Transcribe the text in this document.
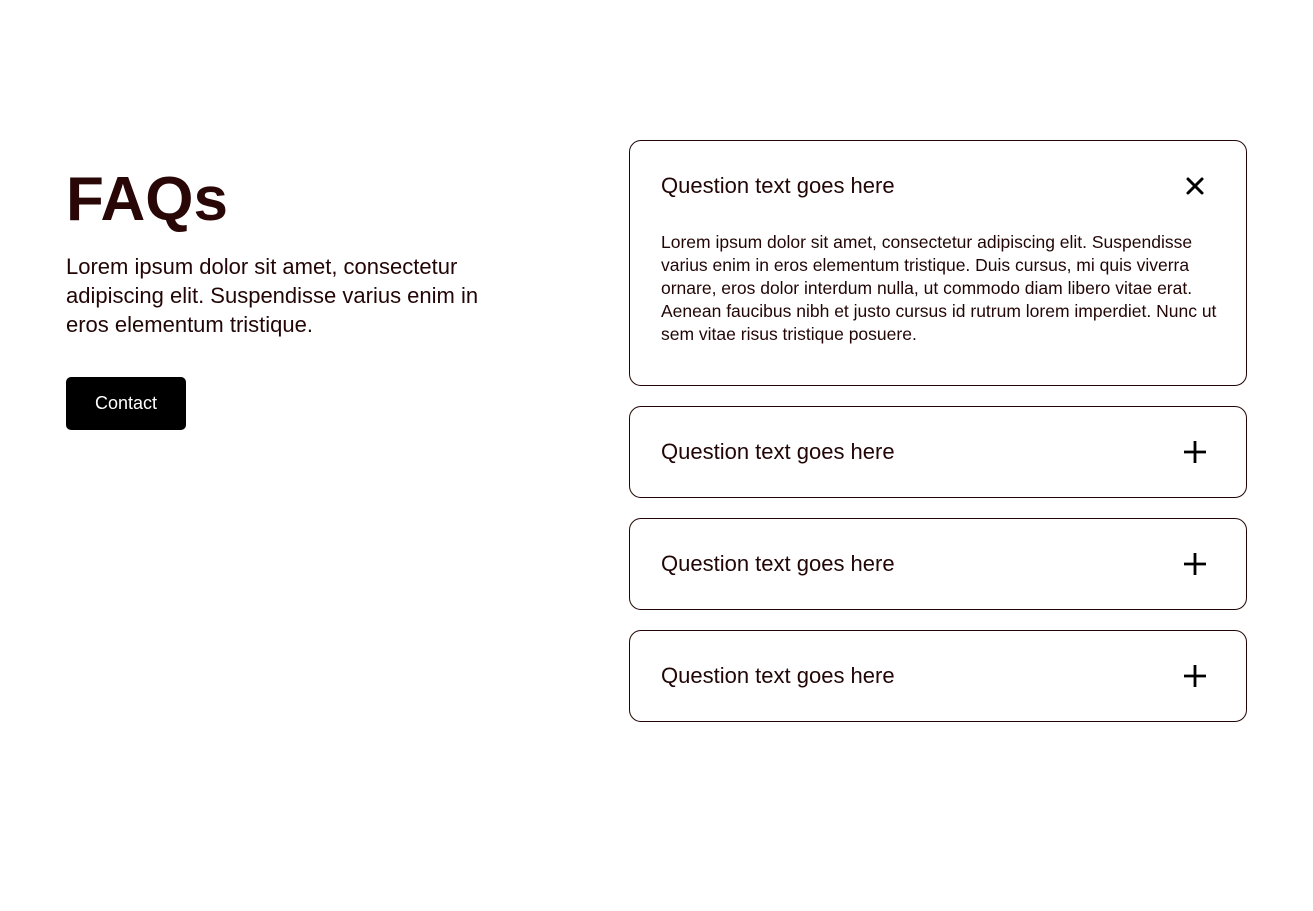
FAQs

Lorem ipsum dolor sit amet, consectetur adipiscing elit. Suspendisse varius enim in eros elementum tristique.

Contact
Question text goes here

Lorem ipsum dolor sit amet, consectetur adipiscing elit. Suspendisse varius enim in eros elementum tristique. Duis cursus, mi quis viverra ornare, eros dolor interdum nulla, ut commodo diam libero vitae erat. Aenean faucibus nibh et justo cursus id rutrum lorem imperdiet. Nunc ut sem vitae risus tristique posuere.

Question text goes here
Question text goes here
Question text goes here
